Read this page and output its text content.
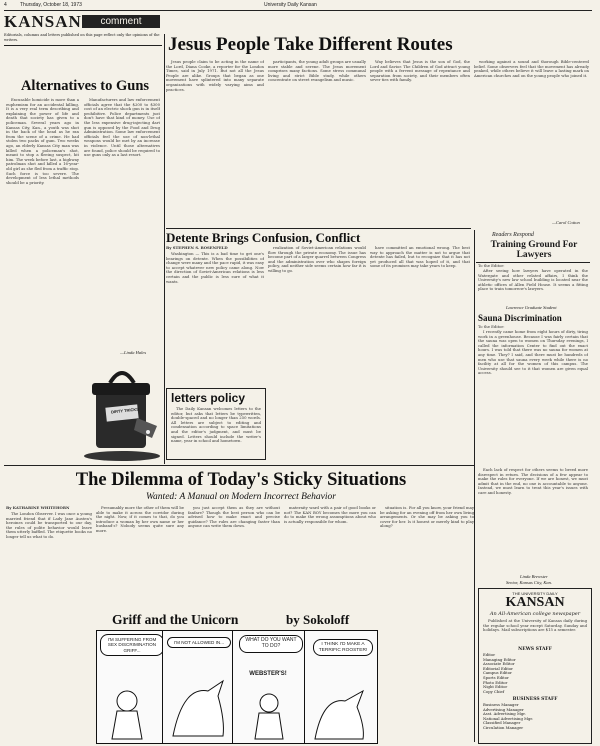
4	Thursday, October 18, 1973	University Daily Kansan
KANSAN	comment
Editorials, columns and letters published on this page reflect only the opinions of the writers.
Alternatives to Guns

Excusable homicide is more than a euphemism for an accidental killing. It is a very real term describing and explaining the power of life and death that society has given to a policeman. Several years ago in Kansas City, Kan., a youth was shot in the back of the head as he ran from the scene of a crime. He had stolen two packs of gum. Two weeks ago, an elderly Kansas City man was killed when a policeman's shot, meant to stop a fleeing suspect, hit him. The week before last, a highway patrolman shot and killed a 16-year-old girl as she fled from a traffic stop. Such force is too severe. The development of less lethal methods should be a priority.

Manufacturers and law enforcement officials agree that the $200 to $300 cost of an electric shock gun is in itself prohibitive. Police departments just don't have that kind of money. Use of the less expensive drug-injecting dart gun is opposed by the Food and Drug Administration. Some law enforcement officials feel the use of non-lethal weapons would be met by an increase in violence. Until those alternatives are found, police should be required to use guns only as a last resort.

—Linda Hales
DIRTY TRICKS
Jesus People Take Different Routes

Jesus people claim to be acting in the name of the Lord, Diana Cooke, a reporter for the London Times, said in July 1971. But not all the Jesus People are alike. Groups that began as one movement have splintered into many separate organizations with widely varying aims and practices.

participants, the young adult groups are usually more stable and serene. The Jesus movement comprises many factions. Some stress communal living and strict Bible study, while others concentrate on street evangelism and music.

Way believes that Jesus is the son of God, the Lord and Savior. The Children of God attract young people with a fervent message of repentance and separation from society, and their members often sever ties with family.

working against a sound and thorough Bible-centered belief. Some observers feel that the movement has already peaked, while others believe it will leave a lasting mark on American churches and on the young people who joined it.

—Carol Cotton
Detente Brings Confusion, Conflict
By STEPHEN S. ROSENFELD

Washington — This is a bad time to get one's bearings on detente. When the possibilities of change were many and the pace rapid, it was easy to accept whatever new policy came along. Now the direction of Soviet-American relations is less certain and the public is less sure of what it wants.

realization of Soviet-American relations would flow through the private economy. The issue has become part of a larger quarrel between Congress and the administration over who shapes foreign policy, and neither side seems certain how far it is willing to go.

have committed an emotional wrong. The best way to approach the matter is not to argue that detente has failed, but to recognize that it has not yet produced all that was hoped of it, and that some of its promises may take years to keep.

letters policy

The Daily Kansan welcomes letters to the editor, but asks that letters be typewritten, double-spaced and no longer than 250 words. All letters are subject to editing and condensation according to space limitations and the editor's judgment, and must be signed. Letters should include the writer's name, year in school and hometown.

Readers Respond
Training Ground For Lawyers
To the Editor:

After seeing how lawyers have operated in the Watergate and other related affairs, I think the University's new law school building is located near the athletic offices of Allen Field House. It seems a fitting place to train tomorrow's lawyers.

Lawrence Graduate Student
Sauna Discrimination
To the Editor:

I recently came home from eight hours of dirty, tiring work in a greenhouse. Because I was fairly certain that the sauna was open to women on Thursday evenings, I called the information Center to find out the exact hours. I was told that there was no sauna for women at any time. They? I said, and there must be hundreds of men who use that sauna every week while there is no facility at all for the women of this campus. The University should see to it that women are given equal access.

The Dilemma of Today's Sticky Situations
Wanted: A Manual on Modern Incorrect Behavior
By KATHARINE WHITEHORN

The London Observer. I was once a young married friend that if Lady Jane Austen's heroines could be transported to our day, the rules of polite behavior would leave them utterly baffled. The etiquette books no longer tell us what to do.

Presumably more the other of them will be able to make it across the corridor during the night. Now, if it comes to that, do you introduce a woman by her own name or her husband's? Nobody seems quite sure any more.

you just accept them as they are without fanfare? Though the best person who can be advised how to make exact and precise guidance? The rules are changing faster than anyone can write them down.

maternity ward with a pair of good books or not? The KAN BOY becomes the more you can do to make the wrong assumptions about who is actually responsible for whom.

situation is. For all you know, your friend may be asking for an evening off from her own living arrangements. Or she may be asking you to cover for her. Is it honest or merely kind to play along?

Griff and the Unicorn	by Sokoloff
I'M SUFFERING FROM SEX DISCRIMINATION GRIFF...
I'M NOT ALLOWED IN...	WHAT DO YOU WANT TO DO?
WEBSTER'S!
I THINK I'D MAKE A TERRIFIC ROOSTER!

Each lack of respect for others seems to breed more disrespect in return. The decisions of a few appear to make the rules for everyone. If we are honest, we must admit that in the end, no one is accountable to anyone. Instead, we must learn to treat this year's issues with care and honesty.

Linda Brewster
Senior, Kansas City, Kan.
THE UNIVERSITY DAILY
KANSAN
An All-American college newspaper

Published at the University of Kansas daily during the regular school year except Saturday, Sunday and holidays. Mail subscriptions are $15 a semester.

NEWS STAFF
Editor
Managing Editor
Associate Editor
Editorial Editor
Campus Editor
Sports Editor
Photo Editor
Night Editor
Copy Chief
BUSINESS STAFF
Business Manager
Advertising Manager
Asst. Advertising Mgr.
National Advertising Mgr.
Classified Manager
Circulation Manager
